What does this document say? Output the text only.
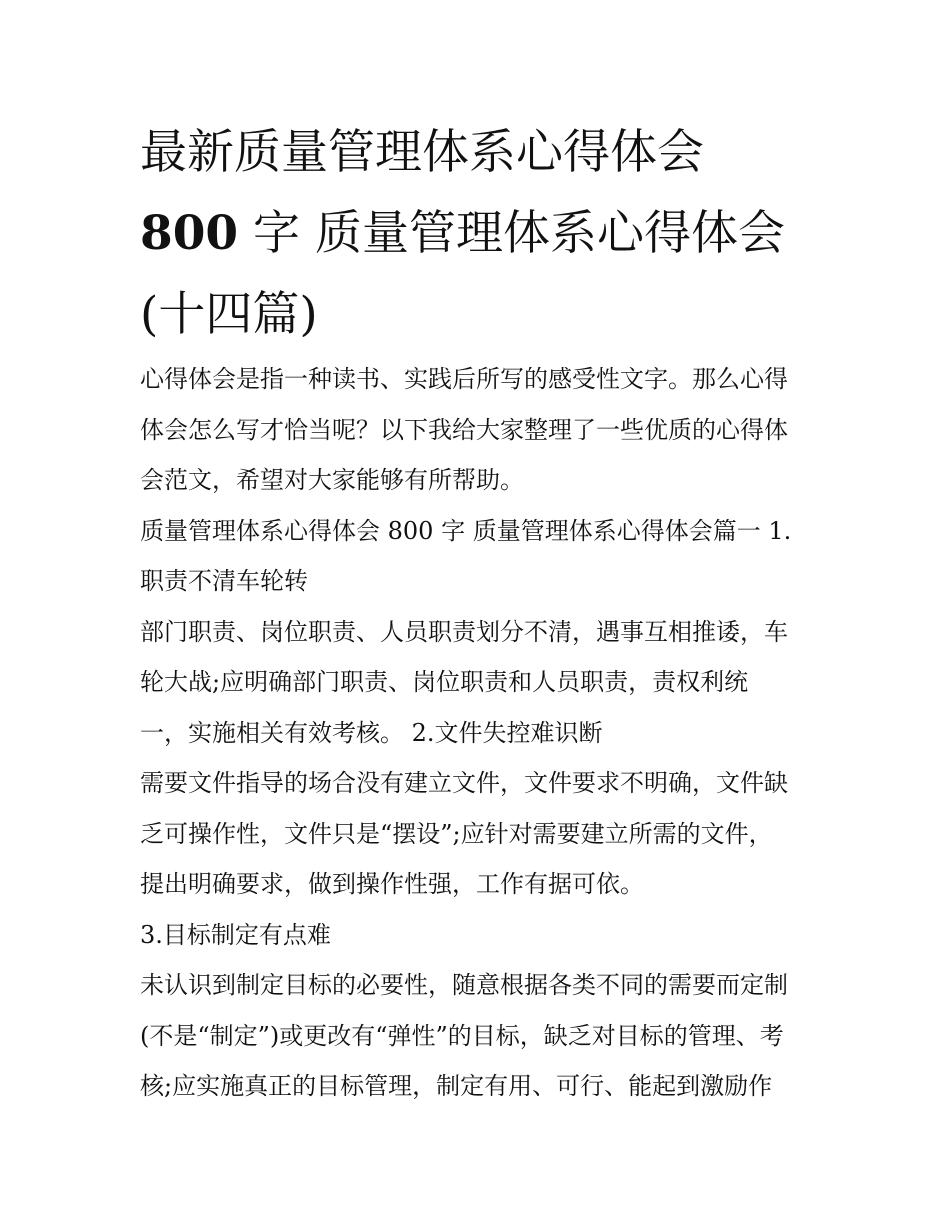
最新质量管理体系心得体会
800 字 质量管理体系心得体会
(十四篇)
心得体会是指一种读书、实践后所写的感受性文字。那么心得
体会怎么写才恰当呢？以下我给大家整理了一些优质的心得体
会范文，希望对大家能够有所帮助。
质量管理体系心得体会 800 字 质量管理体系心得体会篇一 1.
职责不清车轮转
部门职责、岗位职责、人员职责划分不清，遇事互相推诿，车
轮大战;应明确部门职责、岗位职责和人员职责，责权利统
一，实施相关有效考核。 2.文件失控难识断
需要文件指导的场合没有建立文件，文件要求不明确，文件缺
乏可操作性，文件只是“摆设”;应针对需要建立所需的文件，
提出明确要求，做到操作性强，工作有据可依。
3.目标制定有点难
未认识到制定目标的必要性，随意根据各类不同的需要而定制
(不是“制定”)或更改有“弹性”的目标，缺乏对目标的管理、考
核;应实施真正的目标管理，制定有用、可行、能起到激励作
